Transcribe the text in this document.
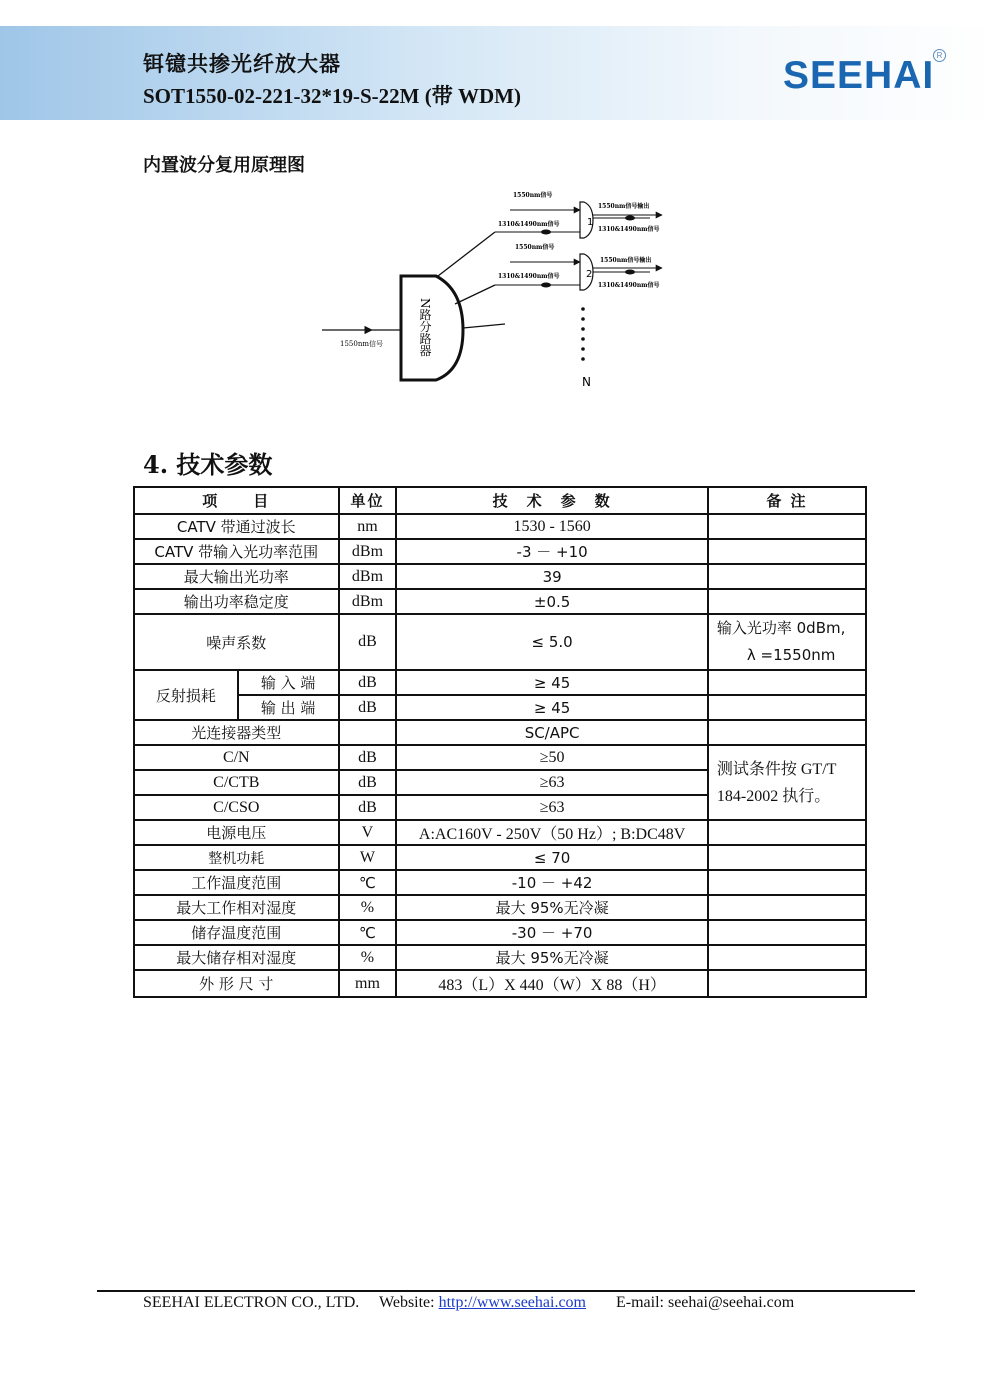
铒镱共掺光纤放大器
SOT1550-02-221-32*19-S-22M (带 WDM)	SEEHAI R
内置波分复用原理图
1550nm信号	N路分路器
1
1550nm信号
1310&1490nm信号
1550nm信号输出
1310&1490nm信号
2
1550nm信号
1310&1490nm信号
1550nm信号输出
1310&1490nm信号
N
4. 技术参数
项　　目		单位	技　术　参　数	备 注
CATV 带通过波长		nm	1530 - 1560	
CATV 带输入光功率范围		dBm	-3 － +10	
最大输出光功率		dBm	39	
输出功率稳定度		dBm	±0.5	
噪声系数		dB	≤ 5.0	输入光功率 0dBm,
λ =1550nm
反射损耗	输 入 端	dB	≥ 45	
	输 出 端	dB	≥ 45	
光连接器类型			SC/APC	
C/N		dB	≥50	测试条件按 GT/T 184-2002 执行。
C/CTB		dB	≥63	
C/CSO		dB	≥63	
电源电压		V	A:AC160V - 250V（50 Hz）; B:DC48V	
整机功耗		W	≤ 70	
工作温度范围		℃	-10 － +42	
最大工作相对湿度		%	最大 95%无冷凝	
储存温度范围		℃	-30 － +70	
最大储存相对湿度		%	最大 95%无冷凝	
外 形 尺 寸		mm	483（L）X 440（W）X 88（H）	
SEEHAI ELECTRON CO., LTD. Website: http://www.seehai.com E-mail: seehai@seehai.com
